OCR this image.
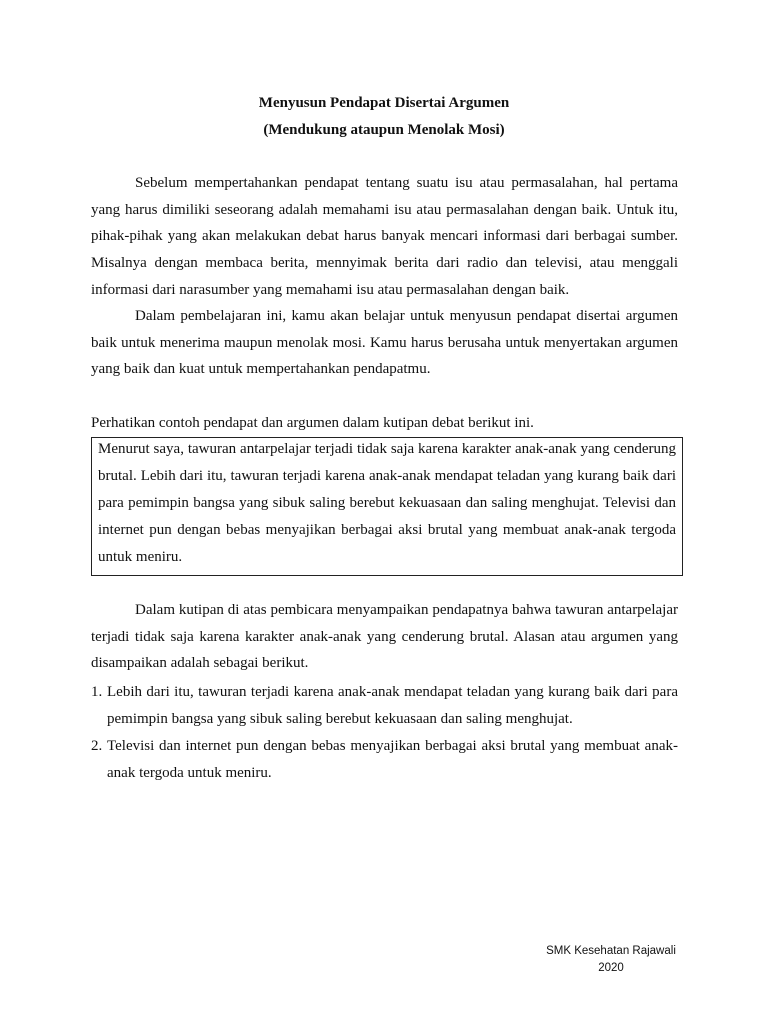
Menyusun Pendapat Disertai Argumen
(Mendukung ataupun Menolak Mosi)

Sebelum mempertahankan pendapat tentang suatu isu atau permasalahan, hal pertama yang harus dimiliki seseorang adalah memahami isu atau permasalahan dengan baik. Untuk itu, pihak-pihak yang akan melakukan debat harus banyak mencari informasi dari berbagai sumber. Misalnya dengan membaca berita, mennyimak berita dari radio dan televisi, atau menggali informasi dari narasumber yang memahami isu atau permasalahan dengan baik.

Dalam pembelajaran ini, kamu akan belajar untuk menyusun pendapat disertai argumen baik untuk menerima maupun menolak mosi. Kamu harus berusaha untuk menyertakan argumen yang baik dan kuat untuk mempertahankan pendapatmu.

Perhatikan contoh pendapat dan argumen dalam kutipan debat berikut ini.

Menurut saya, tawuran antarpelajar terjadi tidak saja karena karakter anak-anak yang cenderung brutal. Lebih dari itu, tawuran terjadi karena anak-anak mendapat teladan yang kurang baik dari para pemimpin bangsa yang sibuk saling berebut kekuasaan dan saling menghujat. Televisi dan internet pun dengan bebas menyajikan berbagai aksi brutal yang membuat anak-anak tergoda untuk meniru.

Dalam kutipan di atas pembicara menyampaikan pendapatnya bahwa tawuran antarpelajar terjadi tidak saja karena karakter anak-anak yang cenderung brutal. Alasan atau argumen yang disampaikan adalah sebagai berikut.

1. Lebih dari itu, tawuran terjadi karena anak-anak mendapat teladan yang kurang baik dari para pemimpin bangsa yang sibuk saling berebut kekuasaan dan saling menghujat.
2. Televisi dan internet pun dengan bebas menyajikan berbagai aksi brutal yang membuat anak-anak tergoda untuk meniru.
SMK Kesehatan Rajawali
2020
